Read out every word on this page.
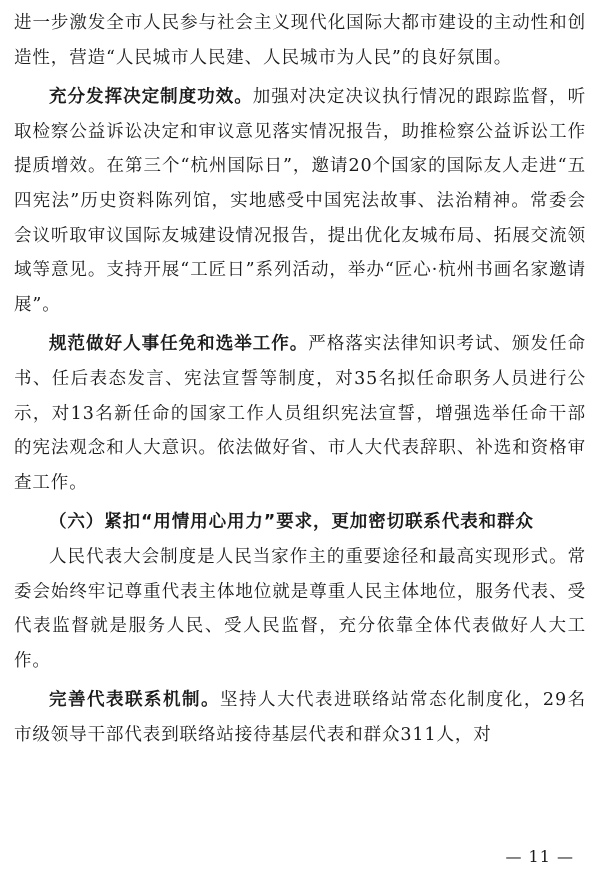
进一步激发全市人民参与社会主义现代化国际大都市建设的主动性和创造性，营造“人民城市人民建、人民城市为人民”的良好氛围。

充分发挥决定制度功效。加强对决定决议执行情况的跟踪监督，听取检察公益诉讼决定和审议意见落实情况报告，助推检察公益诉讼工作提质增效。在第三个“杭州国际日”，邀请20个国家的国际友人走进“五四宪法”历史资料陈列馆，实地感受中国宪法故事、法治精神。常委会会议听取审议国际友城建设情况报告，提出优化友城布局、拓展交流领域等意见。支持开展“工匠日”系列活动，举办“匠心·杭州书画名家邀请展”。

规范做好人事任免和选举工作。严格落实法律知识考试、颁发任命书、任后表态发言、宪法宣誓等制度，对35名拟任命职务人员进行公示，对13名新任命的国家工作人员组织宪法宣誓，增强选举任命干部的宪法观念和人大意识。依法做好省、市人大代表辞职、补选和资格审查工作。

（六）紧扣“用情用心用力”要求，更加密切联系代表和群众

人民代表大会制度是人民当家作主的重要途径和最高实现形式。常委会始终牢记尊重代表主体地位就是尊重人民主体地位，服务代表、受代表监督就是服务人民、受人民监督，充分依靠全体代表做好人大工作。

完善代表联系机制。坚持人大代表进联络站常态化制度化，29名市级领导干部代表到联络站接待基层代表和群众311人，对

— 11 —
